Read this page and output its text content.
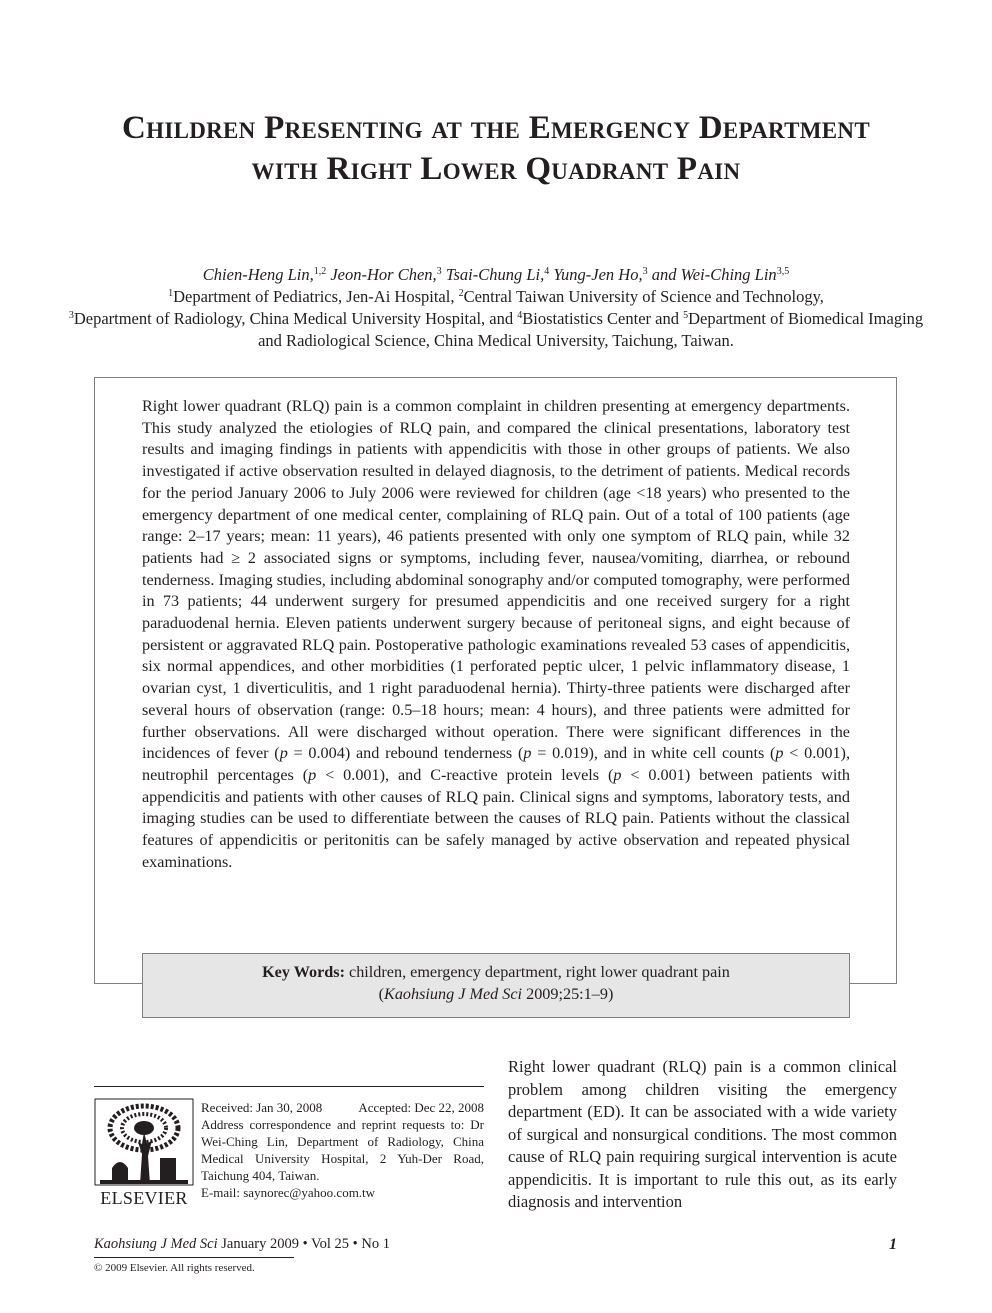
Children Presenting at the Emergency Department with Right Lower Quadrant Pain
Chien-Heng Lin,$^{1,2}$ Jeon-Hor Chen,$^3$ Tsai-Chung Li,$^4$ Yung-Jen Ho,$^3$ and Wei-Ching Lin$^{3,5}$
$^1$Department of Pediatrics, Jen-Ai Hospital, $^2$Central Taiwan University of Science and Technology,
$^3$Department of Radiology, China Medical University Hospital, and $^4$Biostatistics Center and $^5$Department of Biomedical Imaging and Radiological Science, China Medical University, Taichung, Taiwan.
Right lower quadrant (RLQ) pain is a common complaint in children presenting at emergency departments. This study analyzed the etiologies of RLQ pain, and compared the clinical presentations, laboratory test results and imaging findings in patients with appendicitis with those in other groups of patients. We also investigated if active observation resulted in delayed diagnosis, to the detriment of patients. Medical records for the period January 2006 to July 2006 were reviewed for children (age <18 years) who presented to the emergency department of one medical center, complaining of RLQ pain. Out of a total of 100 patients (age range: 2–17 years; mean: 11 years), 46 patients presented with only one symptom of RLQ pain, while 32 patients had ≥ 2 associated signs or symptoms, including fever, nausea/vomiting, diarrhea, or rebound tenderness. Imaging studies, including abdominal sonography and/or computed tomography, were performed in 73 patients; 44 underwent surgery for presumed appendicitis and one received surgery for a right paraduodenal hernia. Eleven patients underwent surgery because of peritoneal signs, and eight because of persistent or aggravated RLQ pain. Postoperative pathologic examinations revealed 53 cases of appendicitis, six normal appendices, and other morbidities (1 perforated peptic ulcer, 1 pelvic inflammatory disease, 1 ovarian cyst, 1 diverticulitis, and 1 right paraduodenal hernia). Thirty-three patients were discharged after several hours of observation (range: 0.5–18 hours; mean: 4 hours), and three patients were admitted for further observations. All were discharged without operation. There were significant differences in the incidences of fever (p = 0.004) and rebound tenderness (p = 0.019), and in white cell counts (p < 0.001), neutrophil percentages (p < 0.001), and C-reactive protein levels (p < 0.001) between patients with appendicitis and patients with other causes of RLQ pain. Clinical signs and symptoms, laboratory tests, and imaging studies can be used to differentiate between the causes of RLQ pain. Patients without the classical features of appendicitis or peritonitis can be safely managed by active observation and repeated physical examinations.
Key Words: children, emergency department, right lower quadrant pain
(Kaohsiung J Med Sci 2009;25:1–9)
ELSEVIER
Received: Jan 30, 2008	Accepted: Dec 22, 2008
Address correspondence and reprint requests to: Dr Wei-Ching Lin, Department of Radiology, China Medical University Hospital, 2 Yuh-Der Road, Taichung 404, Taiwan.
E-mail: saynorec@yahoo.com.tw
Right lower quadrant (RLQ) pain is a common clinical problem among children visiting the emergency department (ED). It can be associated with a wide variety of surgical and nonsurgical conditions. The most common cause of RLQ pain requiring surgical intervention is acute appendicitis. It is important to rule this out, as its early diagnosis and intervention
Kaohsiung J Med Sci January 2009 • Vol 25 • No 1	1
© 2009 Elsevier. All rights reserved.
